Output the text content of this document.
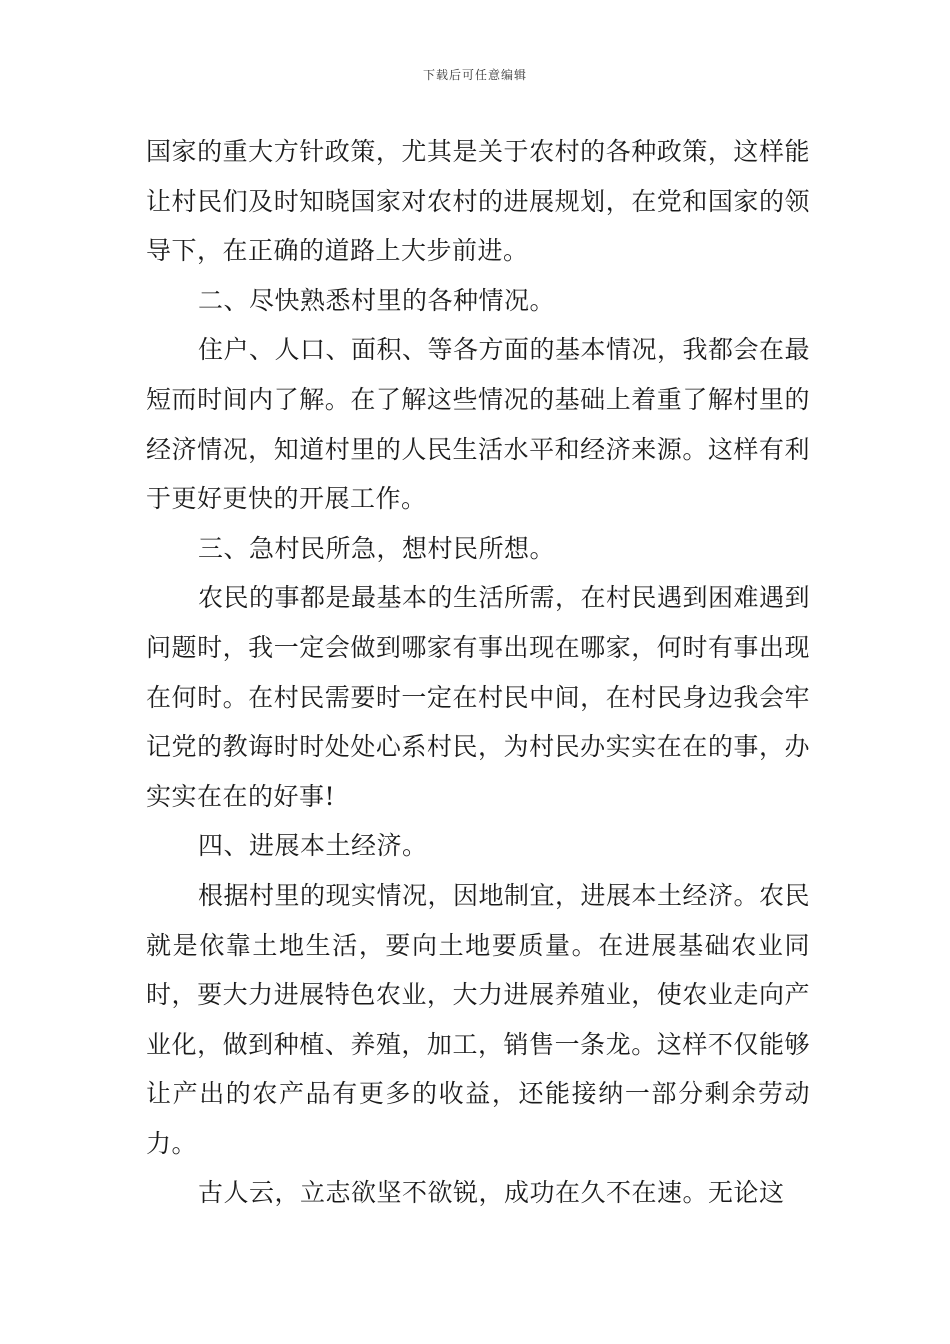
下载后可任意编辑

国家的重大方针政策，尤其是关于农村的各种政策，这样能让村民们及时知晓国家对农村的进展规划，在党和国家的领导下，在正确的道路上大步前进。

二、尽快熟悉村里的各种情况。

住户、人口、面积、等各方面的基本情况，我都会在最短而时间内了解。在了解这些情况的基础上着重了解村里的经济情况，知道村里的人民生活水平和经济来源。这样有利于更好更快的开展工作。

三、急村民所急，想村民所想。

农民的事都是最基本的生活所需，在村民遇到困难遇到问题时，我一定会做到哪家有事出现在哪家，何时有事出现在何时。在村民需要时一定在村民中间，在村民身边我会牢记党的教诲时时处处心系村民，为村民办实实在在的事，办实实在在的好事!

四、进展本土经济。

根据村里的现实情况，因地制宜，进展本土经济。农民就是依靠土地生活，要向土地要质量。在进展基础农业同时，要大力进展特色农业，大力进展养殖业，使农业走向产业化，做到种植、养殖，加工，销售一条龙。这样不仅能够让产出的农产品有更多的收益，还能接纳一部分剩余劳动力。

古人云，立志欲坚不欲锐，成功在久不在速。无论这
